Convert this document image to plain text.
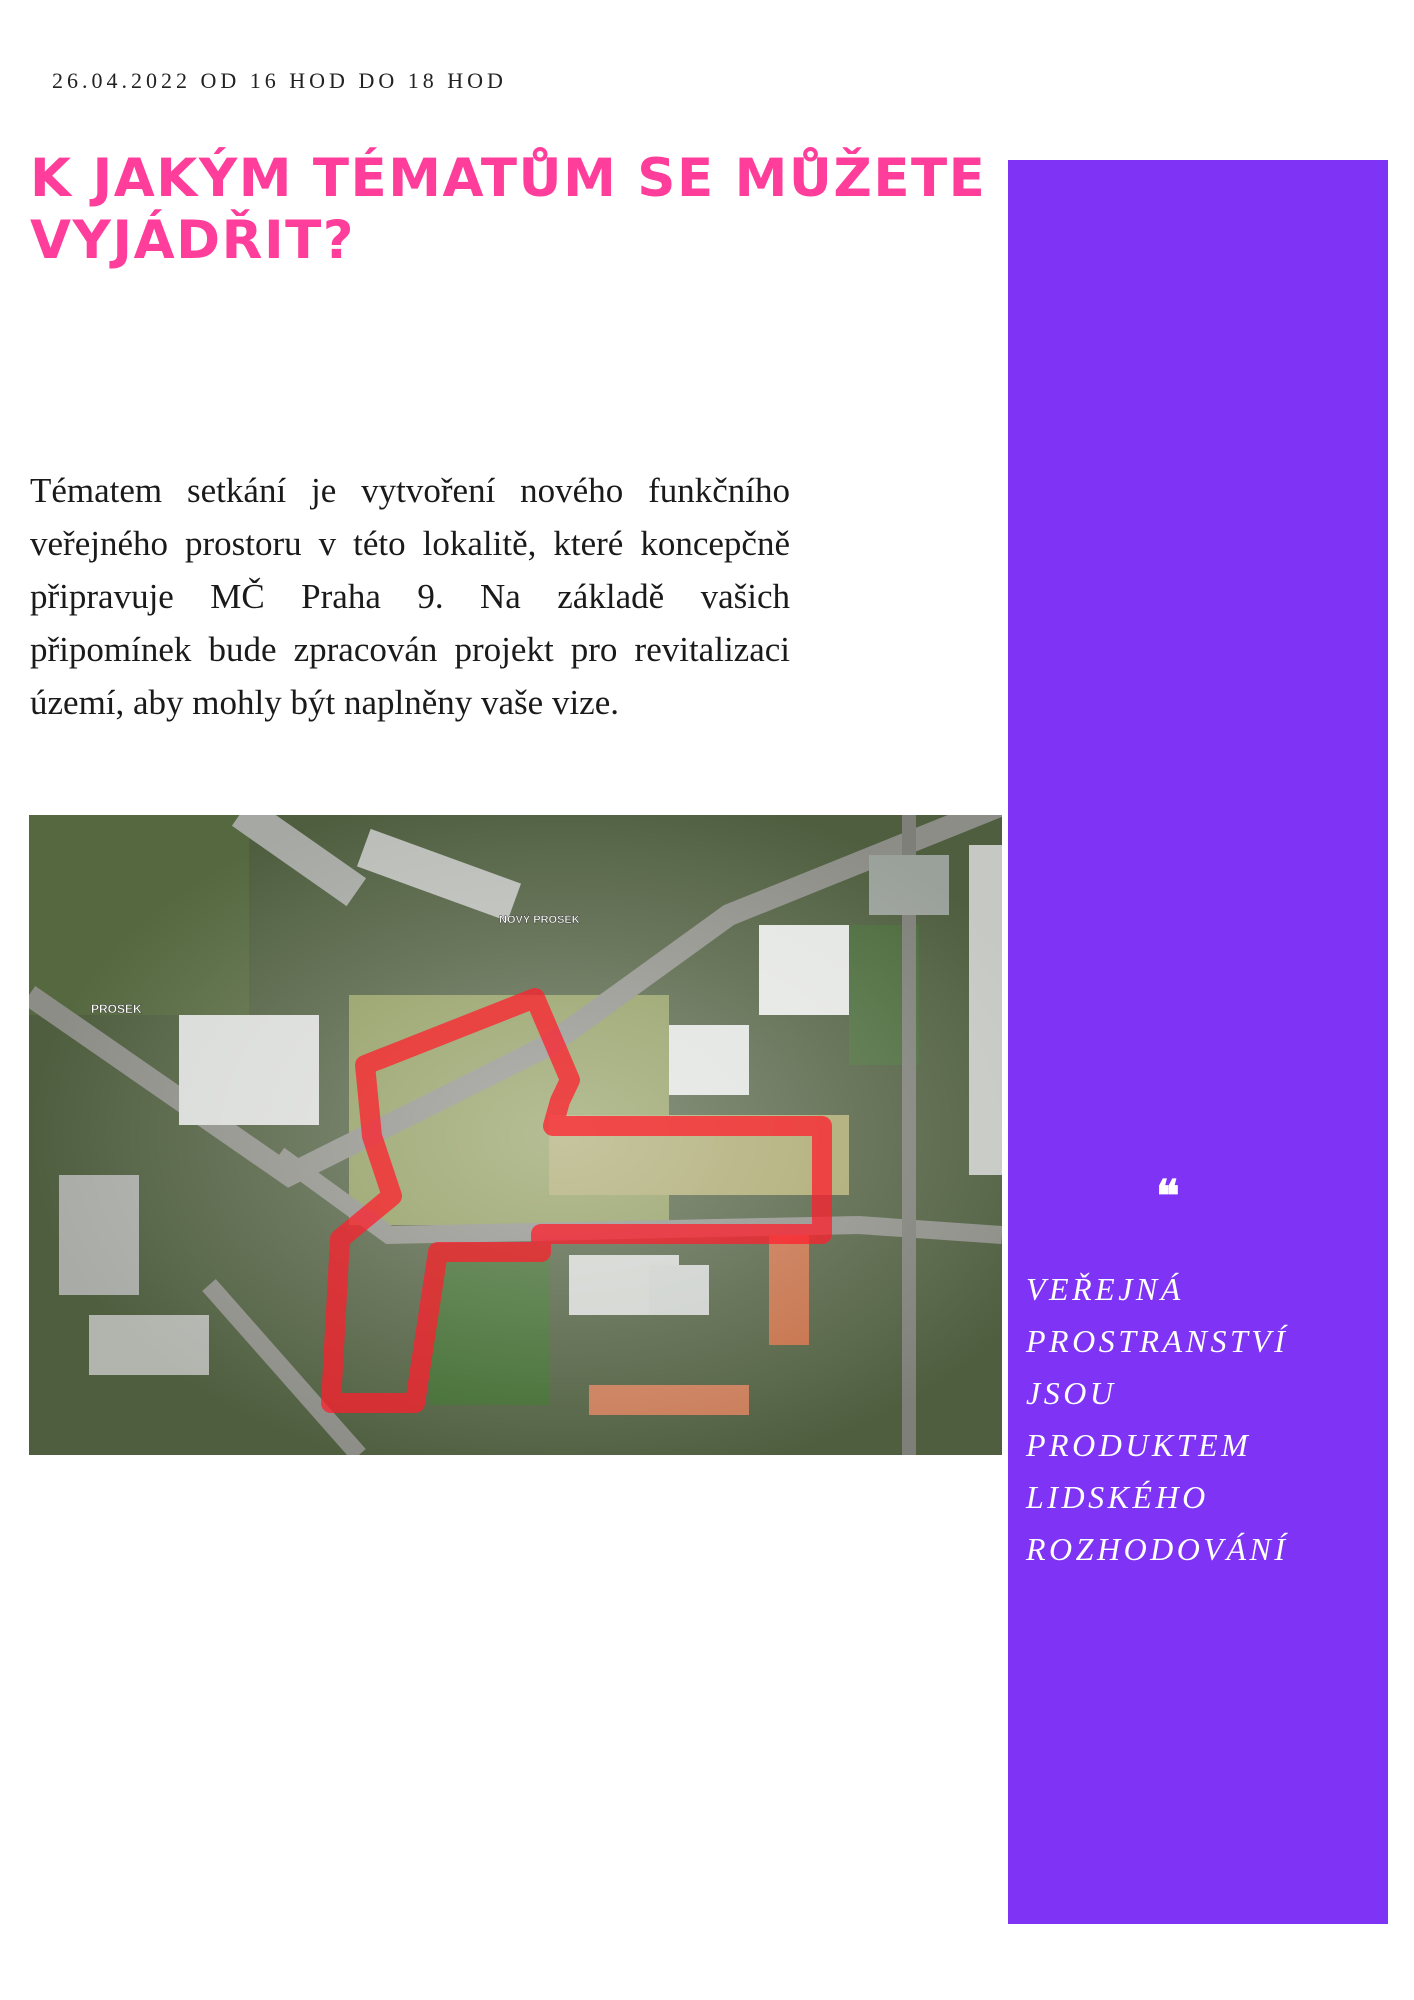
26.04.2022 OD 16 HOD DO 18 HOD
K JAKÝM TÉMATŮM SE MŮŽETE
VYJÁDŘIT?

Tématem setkání je vytvoření nového funkčního veřejného prostoru v této lokalitě, které koncepčně připravuje MČ Praha 9. Na základě vašich připomínek bude zpracován projekt pro revitalizaci území, aby mohly být naplněny vaše vize.

PROSEK
NOVÝ PROSEK
❝
VEŘEJNÁ
PROSTRANSTVÍ
JSOU
PRODUKTEM
LIDSKÉHO
ROZHODOVÁNÍ
